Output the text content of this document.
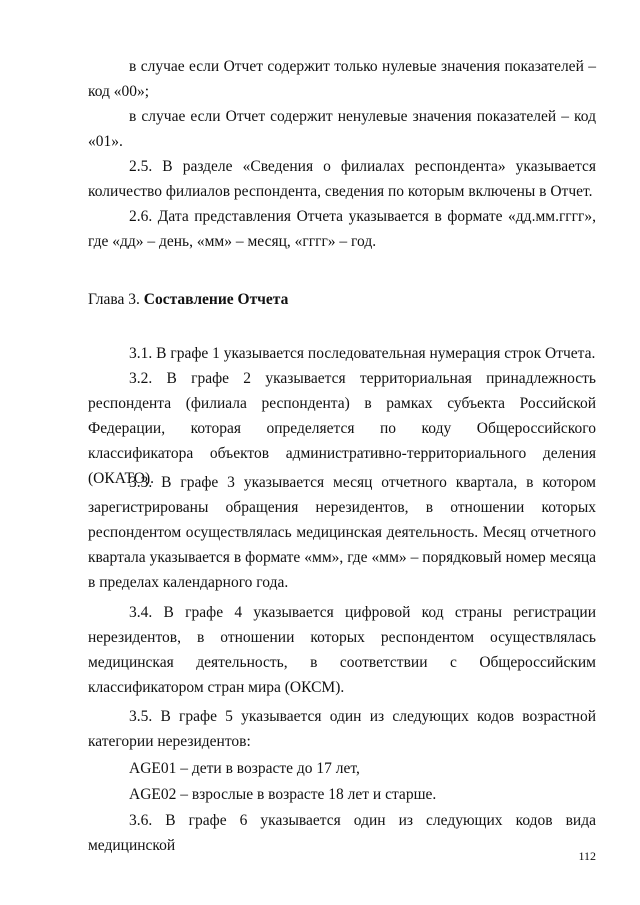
в случае если Отчет содержит только нулевые значения показателей – код «00»;

в случае если Отчет содержит ненулевые значения показателей – код «01».

2.5. В разделе «Сведения о филиалах респондента» указывается количество филиалов респондента, сведения по которым включены в Отчет.

2.6. Дата представления Отчета указывается в формате «дд.мм.гггг», где «дд» – день, «мм» – месяц, «гггг» – год.

Глава 3. Составление Отчета

3.1. В графе 1 указывается последовательная нумерация строк Отчета.

3.2. В графе 2 указывается территориальная принадлежность респондента (филиала респондента) в рамках субъекта Российской Федерации, которая определяется по коду Общероссийского классификатора объектов административно-территориального деления (ОКАТО).

3.3. В графе 3 указывается месяц отчетного квартала, в котором зарегистрированы обращения нерезидентов, в отношении которых респондентом осуществлялась медицинская деятельность. Месяц отчетного квартала указывается в формате «мм», где «мм» – порядковый номер месяца в пределах календарного года.

3.4. В графе 4 указывается цифровой код страны регистрации нерезидентов, в отношении которых респондентом осуществлялась медицинская деятельность, в соответствии с Общероссийским классификатором стран мира (ОКСМ).

3.5. В графе 5 указывается один из следующих кодов возрастной категории нерезидентов:

AGE01 – дети в возрасте до 17 лет,

AGE02 – взрослые в возрасте 18 лет и старше.

3.6. В графе 6 указывается один из следующих кодов вида медицинской

112
